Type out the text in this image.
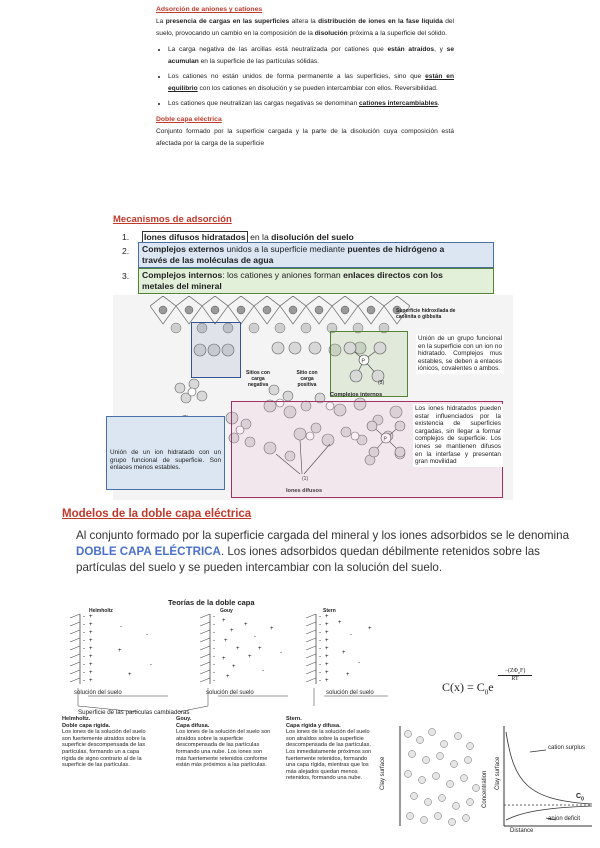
Adsorción de aniones y cationes

La presencia de cargas en las superficies altera la distribución de iones en la fase líquida del suelo, provocando un cambio en la composición de la disolución próxima a la superficie del sólido.

• La carga negativa de las arcillas está neutralizada por cationes que están atraídos, y se acumulan en la superficie de las partículas sólidas.
• Los cationes no están unidos de forma permanente a las superficies, sino que están en equilibrio con los cationes en disolución y se pueden intercambiar con ellos. Reversibilidad.
• Los cationes que neutralizan las cargas negativas se denominan cationes intercambiables.
Doble capa eléctrica

Conjunto formado por la superficie cargada y la parte de la disolución cuya composición está afectada por la carga de la superficie

Mecanismos de adsorción
1.	Iones difusos hidratados en la disolución del suelo
2.	Complejos externos unidos a la superficie mediante puentes de hidrógeno a
través de las moléculas de agua
3.	Complejos internos: los cationes y aniones forman enlaces directos con los
metales del mineral
P
P
Superficie hidroxilada de caolinita o gibbsita
Sitios con carga negativa
Sitio con carga positiva	(3)
Complejos internos
(1)
Iones difusos
Unión de un grupo funcional en la superficie con un ion no hidratado. Complejos mus estables, se deben a enlaces iónicos, covalentes o ambos.
Unión de un ion hidratado con un grupo funcional de superficie. Son enlaces menos estables.
Los iones hidratados pueden estar influenciados por la existencia de superficies cargadas, sin llegar a formar complejos de superficie. Los iones se mantienen difusos en la interfase y presentan gran movilidad
Modelos de la doble capa eléctrica
Al conjunto formado por la superficie cargada del mineral y los iones adsorbidos se le denomina DOBLE CAPA ELÉCTRICA. Los iones adsorbidos quedan débilmente retenidos sobre las partículas del suelo y se pueden intercambiar con la solución del suelo.
Teorías de la doble capa
-
-
-
-
-
-
-
-
-
-
-
-
-
-
-
-
-
-
-
-
-
-
-
-
-
-
-
+
+
+
+
+
+
+
+
+
-
-
+
-
+
+
+
+
+
+
+
+
+
-
+
-
+
-
+
+
+
+
+
+
+
+
+
+
+
-
+
-
+
+
Helmholtz	Gouy	Stern
solución del suelo	solución del suelo	solución del suelo
Superficie de las partículas cambiadoras
Helmholtz.
Doble capa rígida.
Los iones de la solución del suelo son fuertemente atraídos sobre la superficie descompensada de las partículas, formando un a capa rígida de signo contrario al de la superficie de las partículas.
Gouy.
Capa difusa.
Los iones de la solución del suelo son atraídos sobre la superficie descompensada de las partículas formando una nube. Los iones son más fuertemente retenidos conforme están más próximos a las partículas.
Stern.
Capa rígida y difusa.
Los iones de la solución del suelo son atraídos sobre la superficie descompensada de las partículas. Los inmediatamente próximos son fuertemente retenidos, formando una capa rígida, mientras que los más alejados quedan menos retenidos, formando una nube.
$C(x) = C_0e$
$-(Z\Phi_oF)$
RT
Clay surface	Concentration Clay surface
cation surplus
$C_0$
anion deficit
Distance
